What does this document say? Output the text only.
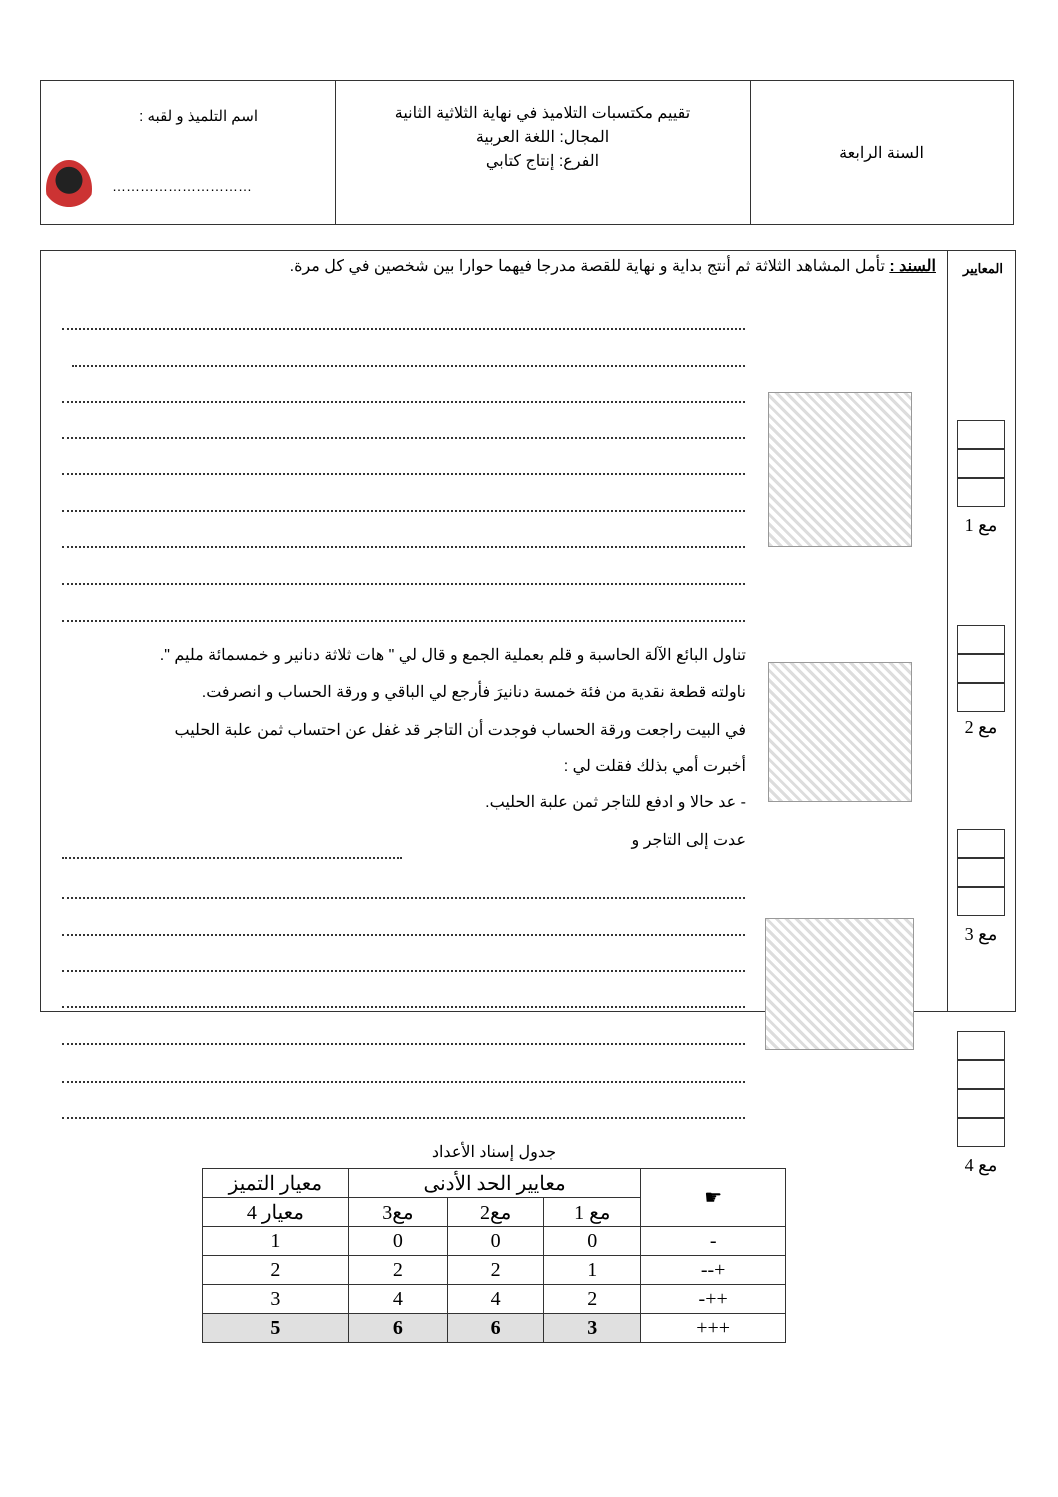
اسم التلميذ و لقبه :
…………………………
تقييم مكتسبات التلاميذ في نهاية الثلاثية الثانية
المجال: اللغة العربية
الفرع: إنتاج كتابي	السنة الرابعة
المعايير
السند : تأمل المشاهد الثلاثة ثم أنتج بداية و نهاية للقصة مدرجا فيهما حوارا بين شخصين في كل مرة.
تناول البائع الآلة الحاسبة و قلم بعملية الجمع و قال لي " هات ثلاثة دنانير و خمسمائة مليم ".
ناولته قطعة نقدية من فئة خمسة دنانيرَ فأرجع لي الباقي و ورقة الحساب و انصرفت.
في البيت راجعت ورقة الحساب فوجدت أن التاجر قد غفل عن احتساب ثمن علبة الحليب
أخبرت أمي بذلك فقلت لي :
- عد حالا و ادفع للتاجر ثمن علبة الحليب.
عدت إلى التاجر و
مع 1
مع 2
مع 3
مع 4
جدول إسناد الأعداد
☛	معايير الحد الأدنى			معيار التميز
	مع 1	مع2	مع3	معيار 4
-	0	0	0	1
+--	1	2	2	2
++-	2	4	4	3
+++	3	6	6	5
